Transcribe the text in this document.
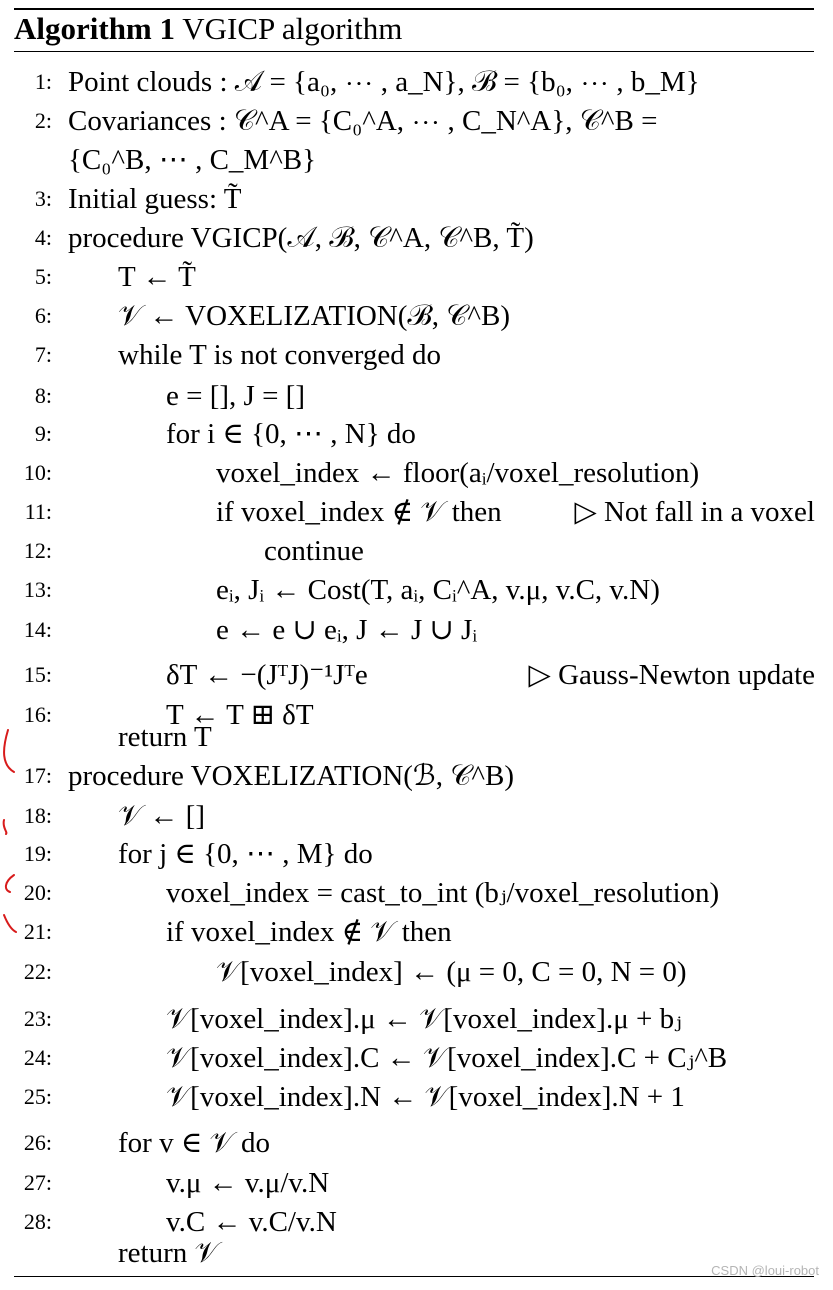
Algorithm 1 VGICP algorithm
1: Point clouds : 𝒜 = {a₀, ⋯ , a_N}, ℬ = {b₀, ⋯ , b_M}
2: Covariances : 𝒞^A = {C₀^A, ⋯ , C_N^A}, 𝒞^B =
{C₀^B, ⋯ , C_M^B}
3: Initial guess: T̃
4: procedure VGICP(𝒜, ℬ, 𝒞^A, 𝒞^B, T̃)
5: T ← T̃
6: 𝒱 ← VOXELIZATION(ℬ, 𝒞^B)
7: while T is not converged do
8:	e = [], J = []
9:	for i ∈ {0, ⋯ , N} do
10:	voxel_index ← floor(aᵢ/voxel_resolution)
11:	if voxel_index ∉ 𝒱 then	▷ Not fall in a voxel
12:	continue
13:	eᵢ, Jᵢ ← Cost(T, aᵢ, Cᵢ^A, v.μ, v.C, v.N)
14:	e ← e ∪ eᵢ, J ← J ∪ Jᵢ
15:	δT ← −(JᵀJ)⁻¹Jᵀe	▷ Gauss-Newton update
16:	T ← T ⊞ δT
return T
17: procedure VOXELIZATION(ℬ, 𝒞^B)
18: 𝒱 ← []
19: for j ∈ {0, ⋯ , M} do
20:	voxel_index = cast_to_int (bⱼ/voxel_resolution)
21:	if voxel_index ∉ 𝒱 then
22:	𝒱[voxel_index] ← (μ = 0, C = 0, N = 0)
23:	𝒱[voxel_index].μ ← 𝒱[voxel_index].μ + bⱼ
24:	𝒱[voxel_index].C ← 𝒱[voxel_index].C + Cⱼ^B
25:	𝒱[voxel_index].N ← 𝒱[voxel_index].N + 1
26: for v ∈ 𝒱 do
27:	v.μ ← v.μ/v.N
28:	v.C ← v.C/v.N
return 𝒱
CSDN @loui-robot
